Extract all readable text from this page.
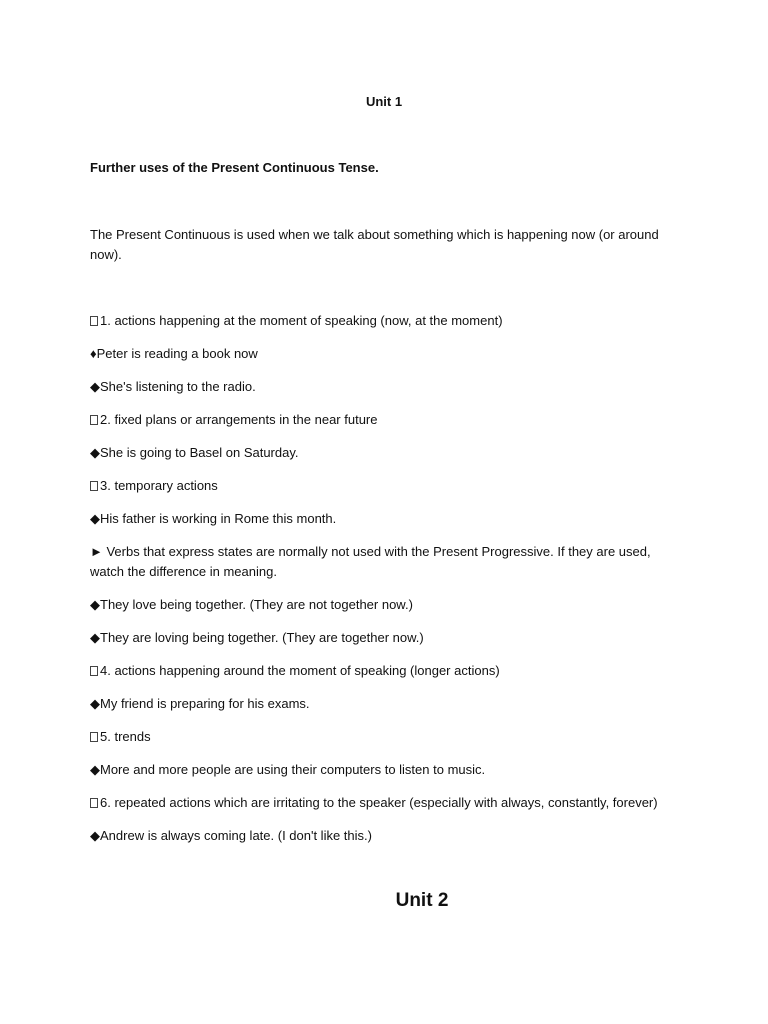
Unit 1
Further uses of the Present Continuous Tense.
The Present Continuous is used when we talk about something which is happening now (or around now).
1. actions happening at the moment of speaking (now, at the moment)
♦Peter is reading a book now
◆She's listening to the radio.
2. fixed plans or arrangements in the near future
◆She is going to Basel on Saturday.
3. temporary actions
◆His father is working in Rome this month.
► Verbs that express states are normally not used with the Present Progressive. If they are used, watch the difference in meaning.
◆They love being together. (They are not together now.)
◆They are loving being together. (They are together now.)
4. actions happening around the moment of speaking (longer actions)
◆My friend is preparing for his exams.
5. trends
◆More and more people are using their computers to listen to music.
6. repeated actions which are irritating to the speaker (especially with always, constantly, forever)
◆Andrew is always coming late. (I don't like this.)
Unit 2
